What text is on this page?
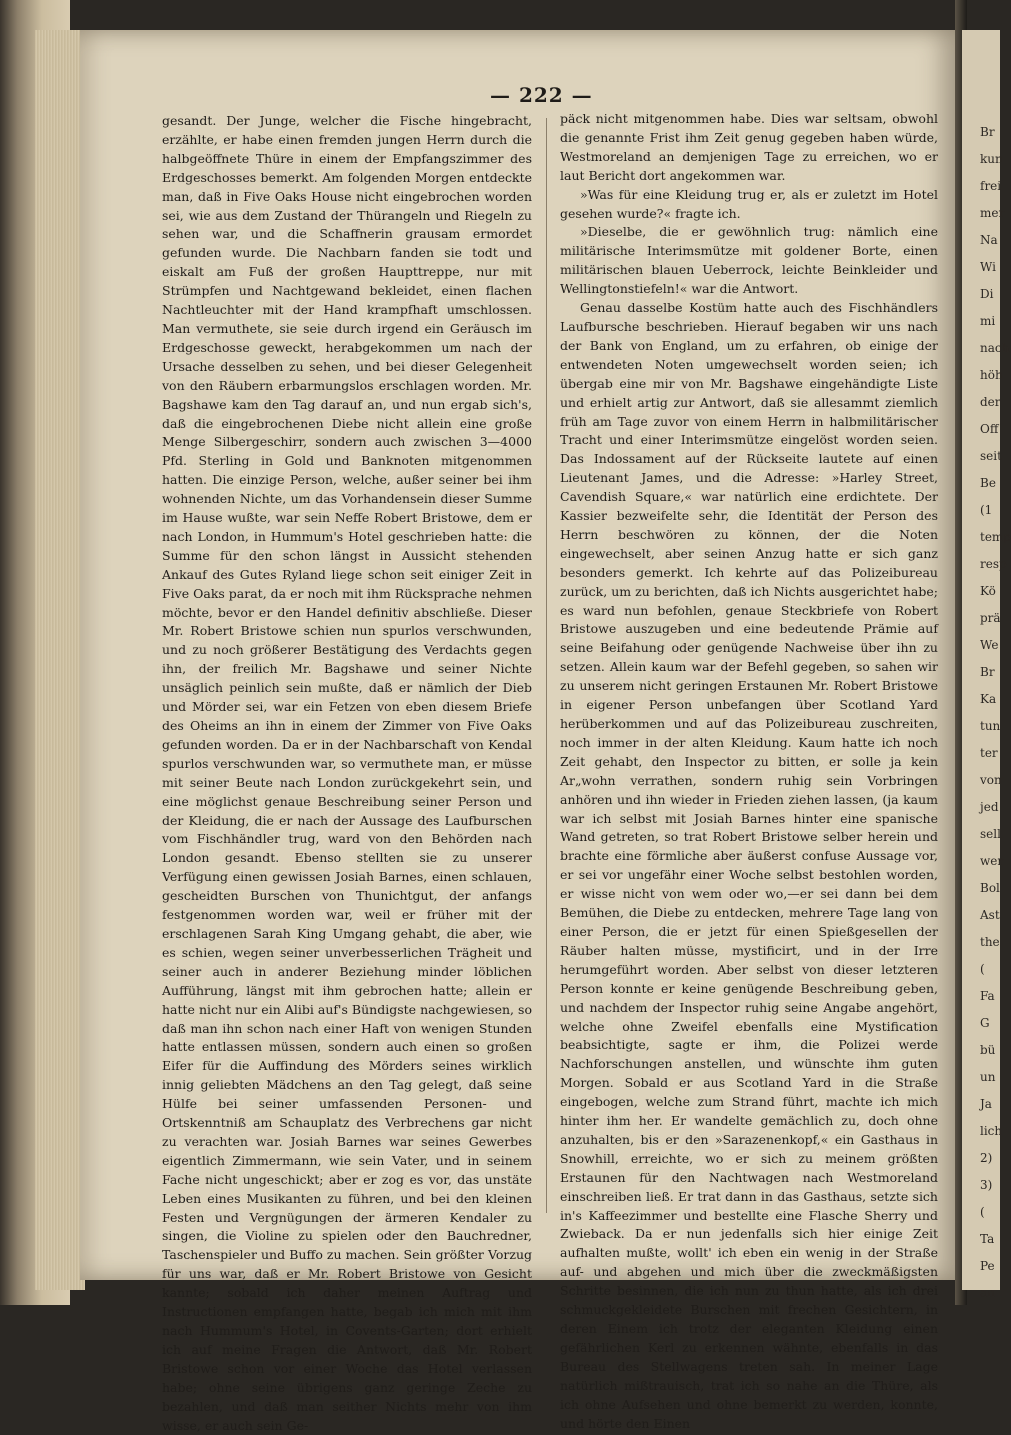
— 222 —

gesandt. Der Junge, welcher die Fische hingebracht, erzählte, er habe einen fremden jungen Herrn durch die halbgeöffnete Thüre in einem der Empfangszimmer des Erdgeschosses bemerkt. Am folgenden Morgen entdeckte man, daß in Five Oaks House nicht eingebrochen worden sei, wie aus dem Zustand der Thürangeln und Riegeln zu sehen war, und die Schaffnerin grausam ermordet gefunden wurde. Die Nachbarn fanden sie todt und eiskalt am Fuß der großen Haupttreppe, nur mit Strümpfen und Nachtgewand bekleidet, einen flachen Nachtleuchter mit der Hand krampfhaft umschlossen. Man vermuthete, sie seie durch irgend ein Geräusch im Erdgeschosse geweckt, herabgekommen um nach der Ursache desselben zu sehen, und bei dieser Gelegenheit von den Räubern erbarmungslos erschlagen worden. Mr. Bagshawe kam den Tag darauf an, und nun ergab sich's, daß die eingebrochenen Diebe nicht allein eine große Menge Silbergeschirr, sondern auch zwischen 3—4000 Pfd. Sterling in Gold und Banknoten mitgenommen hatten. Die einzige Person, welche, außer seiner bei ihm wohnenden Nichte, um das Vorhandensein dieser Summe im Hause wußte, war sein Neffe Robert Bristowe, dem er nach London, in Hummum's Hotel geschrieben hatte: die Summe für den schon längst in Aussicht stehenden Ankauf des Gutes Ryland liege schon seit einiger Zeit in Five Oaks parat, da er noch mit ihm Rücksprache nehmen möchte, bevor er den Handel definitiv abschließe. Dieser Mr. Robert Bristowe schien nun spurlos verschwunden, und zu noch größerer Bestätigung des Verdachts gegen ihn, der freilich Mr. Bagshawe und seiner Nichte unsäglich peinlich sein mußte, daß er nämlich der Dieb und Mörder sei, war ein Fetzen von eben diesem Briefe des Oheims an ihn in einem der Zimmer von Five Oaks gefunden worden. Da er in der Nachbarschaft von Kendal spurlos verschwunden war, so vermuthete man, er müsse mit seiner Beute nach London zurückgekehrt sein, und eine möglichst genaue Beschreibung seiner Person und der Kleidung, die er nach der Aussage des Laufburschen vom Fischhändler trug, ward von den Behörden nach London gesandt. Ebenso stellten sie zu unserer Verfügung einen gewissen Josiah Barnes, einen schlauen, gescheidten Burschen von Thunichtgut, der anfangs festgenommen worden war, weil er früher mit der erschlagenen Sarah King Umgang gehabt, die aber, wie es schien, wegen seiner unverbesserlichen Trägheit und seiner auch in anderer Beziehung minder löblichen Aufführung, längst mit ihm gebrochen hatte; allein er hatte nicht nur ein Alibi auf's Bündigste nachgewiesen, so daß man ihn schon nach einer Haft von wenigen Stunden hatte entlassen müssen, sondern auch einen so großen Eifer für die Auffindung des Mörders seines wirklich innig geliebten Mädchens an den Tag gelegt, daß seine Hülfe bei seiner umfassenden Personen- und Ortskenntniß am Schauplatz des Verbrechens gar nicht zu verachten war. Josiah Barnes war seines Gewerbes eigentlich Zimmermann, wie sein Vater, und in seinem Fache nicht ungeschickt; aber er zog es vor, das unstäte Leben eines Musikanten zu führen, und bei den kleinen Festen und Vergnügungen der ärmeren Kendaler zu singen, die Violine zu spielen oder den Bauchredner, Taschenspieler und Buffo zu machen. Sein größter Vorzug für uns war, daß er Mr. Robert Bristowe von Gesicht kannte; sobald ich daher meinen Auftrag und Instructionen empfangen hatte, begab ich mich mit ihm nach Hummum's Hotel, in Covents-Garten; dort erhielt ich auf meine Fragen die Antwort, daß Mr. Robert Bristowe schon vor einer Woche das Hotel verlassen habe; ohne seine übrigens ganz geringe Zeche zu bezahlen, und daß man seither Nichts mehr von ihm wisse, er auch sein Ge-

päck nicht mitgenommen habe. Dies war seltsam, obwohl die genannte Frist ihm Zeit genug gegeben haben würde, Westmoreland an demjenigen Tage zu erreichen, wo er laut Bericht dort angekommen war.

»Was für eine Kleidung trug er, als er zuletzt im Hotel gesehen wurde?« fragte ich.

»Dieselbe, die er gewöhnlich trug: nämlich eine militärische Interimsmütze mit goldener Borte, einen militärischen blauen Ueberrock, leichte Beinkleider und Wellingtonstiefeln!« war die Antwort.

Genau dasselbe Kostüm hatte auch des Fischhändlers Laufbursche beschrieben. Hierauf begaben wir uns nach der Bank von England, um zu erfahren, ob einige der entwendeten Noten umgewechselt worden seien; ich übergab eine mir von Mr. Bagshawe eingehändigte Liste und erhielt artig zur Antwort, daß sie allesammt ziemlich früh am Tage zuvor von einem Herrn in halbmilitärischer Tracht und einer Interimsmütze eingelöst worden seien. Das Indossament auf der Rückseite lautete auf einen Lieutenant James, und die Adresse: »Harley Street, Cavendish Square,« war natürlich eine erdichtete. Der Kassier bezweifelte sehr, die Identität der Person des Herrn beschwören zu können, der die Noten eingewechselt, aber seinen Anzug hatte er sich ganz besonders gemerkt. Ich kehrte auf das Polizeibureau zurück, um zu berichten, daß ich Nichts ausgerichtet habe; es ward nun befohlen, genaue Steckbriefe von Robert Bristowe auszugeben und eine bedeutende Prämie auf seine Beifahung oder genügende Nachweise über ihn zu setzen. Allein kaum war der Befehl gegeben, so sahen wir zu unserem nicht geringen Erstaunen Mr. Robert Bristowe in eigener Person unbefangen über Scotland Yard herüberkommen und auf das Polizeibureau zuschreiten, noch immer in der alten Kleidung. Kaum hatte ich noch Zeit gehabt, den Inspector zu bitten, er solle ja kein Ar„wohn verrathen, sondern ruhig sein Vorbringen anhören und ihn wieder in Frieden ziehen lassen, (ja kaum war ich selbst mit Josiah Barnes hinter eine spanische Wand getreten, so trat Robert Bristowe selber herein und brachte eine förmliche aber äußerst confuse Aussage vor, er sei vor ungefähr einer Woche selbst bestohlen worden, er wisse nicht von wem oder wo,—er sei dann bei dem Bemühen, die Diebe zu entdecken, mehrere Tage lang von einer Person, die er jetzt für einen Spießgesellen der Räuber halten müsse, mystificirt, und in der Irre herumgeführt worden. Aber selbst von dieser letzteren Person konnte er keine genügende Beschreibung geben, und nachdem der Inspector ruhig seine Angabe angehört, welche ohne Zweifel ebenfalls eine Mystification beabsichtigte, sagte er ihm, die Polizei werde Nachforschungen anstellen, und wünschte ihm guten Morgen. Sobald er aus Scotland Yard in die Straße eingebogen, welche zum Strand führt, machte ich mich hinter ihm her. Er wandelte gemächlich zu, doch ohne anzuhalten, bis er den »Sarazenenkopf,« ein Gasthaus in Snowhill, erreichte, wo er sich zu meinem größten Erstaunen für den Nachtwagen nach Westmoreland einschreiben ließ. Er trat dann in das Gasthaus, setzte sich in's Kaffeezimmer und bestellte eine Flasche Sherry und Zwieback. Da er nun jedenfalls sich hier einige Zeit aufhalten mußte, wollt' ich eben ein wenig in der Straße auf- und abgehen und mich über die zweckmäßigsten Schritte besinnen, die ich nun zu thun hatte, als ich drei schmuckgekleidete Burschen mit frechen Gesichtern, in deren Einem ich trotz der eleganten Kleidung einen gefährlichen Kerl zu erkennen wähnte, ebenfalls in das Bureau des Stellwagens treten sah. In meiner Lage natürlich mißtrauisch, trat ich so nahe an die Thüre, als ich ohne Aufsehen und ohne bemerkt zu werden, konnte, und hörte den Einen

Br
kun
frei
mer
Na
Wi
Di
mi
nach
höh
der
Off
seit
Be
(1
temp
resp
Kö
prä
We
Br
Ka
tun
ter
von
jed
sell
wer
Bol
Ast
the
(
Fa
G
bü
un
Ja
lich
2)
3)
(
Ta
Pe
an
